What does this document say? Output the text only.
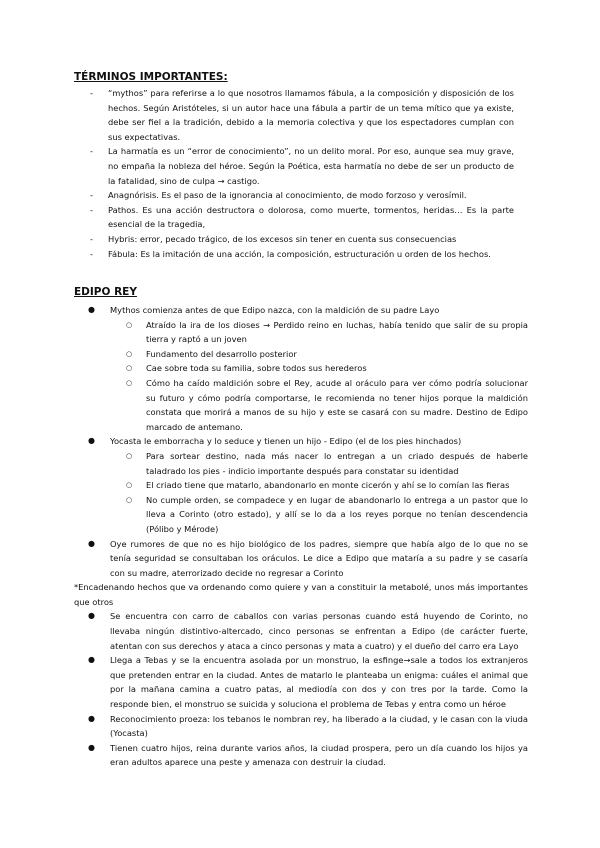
TÉRMINOS IMPORTANTES:
- “mythos” para referirse a lo que nosotros llamamos fábula, a la composición y disposición de los hechos. Según Aristóteles, si un autor hace una fábula a partir de un tema mítico que ya existe, debe ser fiel a la tradición, debido a la memoria colectiva y que los espectadores cumplan con sus expectativas.
- La harmatía es un “error de conocimiento”, no un delito moral. Por eso, aunque sea muy grave, no empaña la nobleza del héroe. Según la Poética, esta harmatía no debe de ser un producto de la fatalidad, sino de culpa → castigo.
- Anagnórisis. Es el paso de la ignorancia al conocimiento, de modo forzoso y verosímil.
- Pathos. Es una acción destructora o dolorosa, como muerte, tormentos, heridas… Es la parte esencial de la tragedia,
- Hybris: error, pecado trágico, de los excesos sin tener en cuenta sus consecuencias
- Fábula: Es la imitación de una acción, la composición, estructuración u orden de los hechos.
EDIPO REY
● Mythos comienza antes de que Edipo nazca, con la maldición de su padre Layo
○ Atraído la ira de los dioses → Perdido reino en luchas, había tenido que salir de su propia tierra y raptó a un joven
○ Fundamento del desarrollo posterior
○ Cae sobre toda su familia, sobre todos sus herederos
○ Cómo ha caído maldición sobre el Rey, acude al oráculo para ver cómo podría solucionar su futuro y cómo podría comportarse, le recomienda no tener hijos porque la maldición constata que morirá a manos de su hijo y este se casará con su madre. Destino de Edipo marcado de antemano.
● Yocasta le emborracha y lo seduce y tienen un hijo - Edipo (el de los pies hinchados)
○ Para sortear destino, nada más nacer lo entregan a un criado después de haberle taladrado los pies - indicio importante después para constatar su identidad
○ El criado tiene que matarlo, abandonarlo en monte cicerón y ahí se lo comían las fieras
○ No cumple orden, se compadece y en lugar de abandonarlo lo entrega a un pastor que lo lleva a Corinto (otro estado), y allí se lo da a los reyes porque no tenían descendencia (Pólibo y Mérode)
● Oye rumores de que no es hijo biológico de los padres, siempre que había algo de lo que no se tenía seguridad se consultaban los oráculos. Le dice a Edipo que mataría a su padre y se casaría con su madre, aterrorizado decide no regresar a Corinto
*Encadenando hechos que va ordenando como quiere y van a constituir la metabolé, unos más importantes que otros
● Se encuentra con carro de caballos con varias personas cuando está huyendo de Corinto, no llevaba ningún distintivo-altercado, cinco personas se enfrentan a Edipo (de carácter fuerte, atentan con sus derechos y ataca a cinco personas y mata a cuatro) y el dueño del carro era Layo
● Llega a Tebas y se la encuentra asolada por un monstruo, la esfinge→sale a todos los extranjeros que pretenden entrar en la ciudad. Antes de matarlo le planteaba un enigma: cuáles el animal que por la mañana camina a cuatro patas, al mediodía con dos y con tres por la tarde. Como la responde bien, el monstruo se suicida y soluciona el problema de Tebas y entra como un héroe
● Reconocimiento proeza: los tebanos le nombran rey, ha liberado a la ciudad, y le casan con la viuda (Yocasta)
● Tienen cuatro hijos, reina durante varios años, la ciudad prospera, pero un día cuando los hijos ya eran adultos aparece una peste y amenaza con destruir la ciudad.
